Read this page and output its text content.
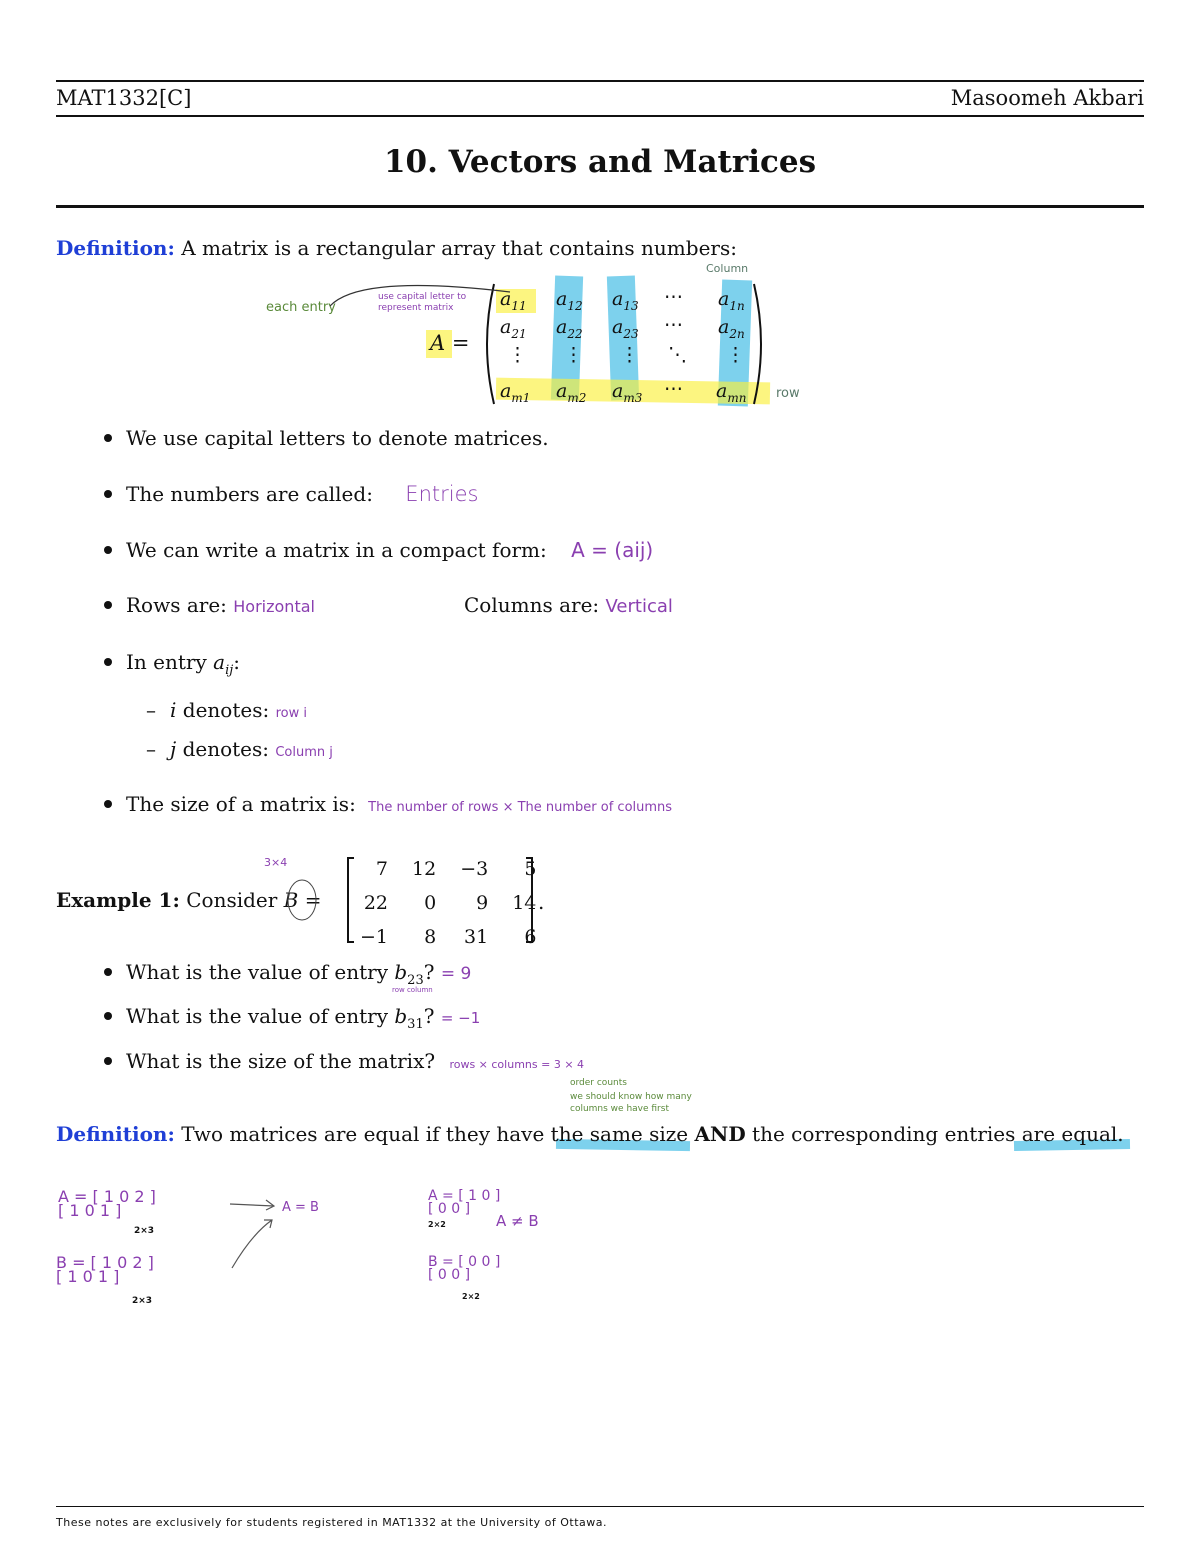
MAT1332[C]	Masoomeh Akbari
10. Vectors and Matrices
Definition: A matrix is a rectangular array that contains numbers:
A =
$a_{11}$ $a_{12}$ $a_{13}$ ⋯ $a_{1n}$
$a_{21}$ $a_{22}$ $a_{23}$ ⋯ $a_{2n}$
⋮ ⋮ ⋮ ⋱ ⋮
$a_{m1}$ $a_{m2}$ $a_{m3}$ ⋯ $a_{mn}$
Column
row
each entry
use capital letter to represent matrix
We use capital letters to denote matrices.
The numbers are called: Entries
We can write a matrix in a compact form: A = (aij)
Rows are: Horizontal	Columns are: Vertical
In entry $a_{ij}$:
– i denotes: row i
– j denotes: Column j
The size of a matrix is: The number of rows × The number of columns
Example 1: Consider B =
3×4	7	12	−3	5
22	0	9	14
−1	8	31	6
.
What is the value of entry $b_{23}$? = 9
row column
What is the value of entry $b_{31}$? = −1
What is the size of the matrix? rows × columns = 3 × 4
order counts
we should know how many
columns we have first
Definition: Two matrices are equal if they have the same size AND the corresponding entries are equal.
A = [ 1 0 2 ]
[ 1 0 1 ]
2×3
A = B
B = [ 1 0 2 ]
[ 1 0 1 ]
2×3
A = [ 1 0 ]
[ 0 0 ]
2×2	A ≠ B
B = [ 0 0 ]
[ 0 0 ]
2×2
These notes are exclusively for students registered in MAT1332 at the University of Ottawa.
